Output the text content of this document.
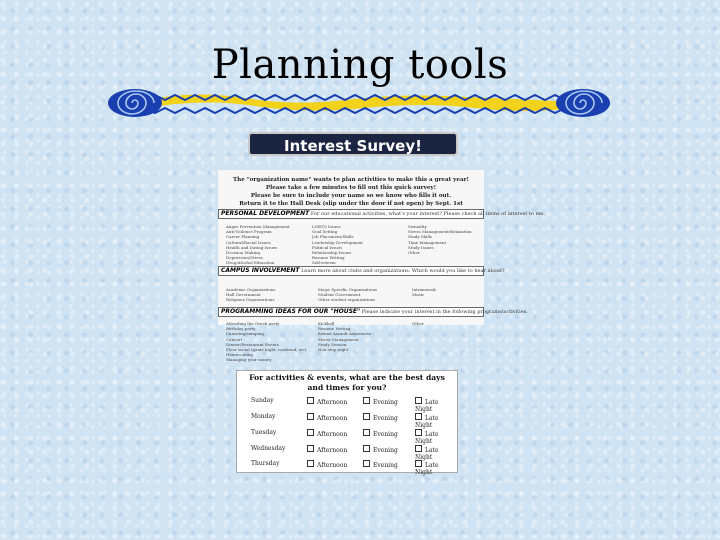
Planning tools
Interest Survey!
The "organization name" wants to plan activities to make this a great year!
Please take a few minutes to fill out this quick survey!
Please be sure to include your name so we know who fills it out.
Return it to the Hall Desk (slip under the door if not open) by Sept. 1st
PERSONAL DEVELOPMENT For our educational activities, what's your interest? Please check all items of interest to me.
Anger Prevention Management
Anti-Violence Program
Career Planning
Cultural/Racial Issues
Health and Dating Issues
Decision Making
Depression/Stress
Drug/Alcohol Education
LGBTQ Issues
Goal Setting
Job Placement/Skills
Leadership Development
Political Issues
Relationship Issues
Resume Writing
Self-esteem
Sexuality
Stress Management/Relaxation
Study Skills
Time Management
Study Issues
Other
CAMPUS INVOLVEMENT Learn more about clubs and organizations. Which would you like to hear about?
Academic Organizations
Hall Government
Religious Organizations
Major Specific Organizations
Student Government
Other student organizations
Intramurals
Music
PROGRAMMING IDEAS FOR OUR "HOUSE" Please indicate your interest in the following programs/activities.
Attending the Greek party
Birthday party
Canoeing/camping
Concert
Dinner/Restaurant Events
Floor social (game night, weekend, etc)
Homecoming
Managing your money
Kickball
Resume Writing
Sexual Assault Awareness
Stress Management
Study Session
Non-stop night
Other
For activities & events, what are the best days
and times for you?
Sunday	Afternoon	Evening	Late Night
Monday	Afternoon	Evening	Late Night
Tuesday	Afternoon	Evening	Late Night
Wednesday	Afternoon	Evening	Late Night
Thursday	Afternoon	Evening	Late Night
